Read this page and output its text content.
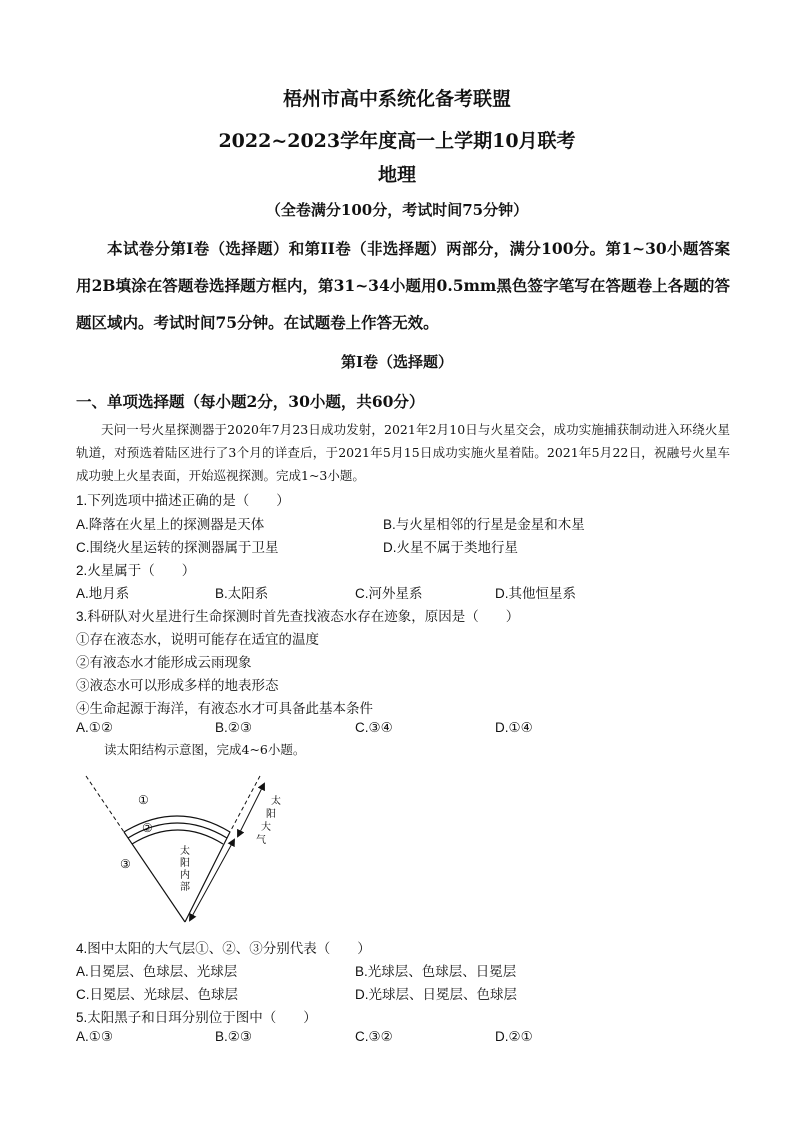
梧州市高中系统化备考联盟
2022~2023学年度高一上学期10月联考
地理
（全卷满分100分，考试时间75分钟）
本试卷分第I卷（选择题）和第II卷（非选择题）两部分，满分100分。第1~30小题答案用2B填涂在答题卷选择题方框内，第31~34小题用0.5mm黑色签字笔写在答题卷上各题的答题区域内。考试时间75分钟。在试题卷上作答无效。
第I卷（选择题）
一、单项选择题（每小题2分，30小题，共60分）
天问一号火星探测器于2020年7月23日成功发射，2021年2月10日与火星交会，成功实施捕获制动进入环绕火星轨道，对预选着陆区进行了3个月的详查后，于2021年5月15日成功实施火星着陆。2021年5月22日，祝融号火星车成功驶上火星表面，开始巡视探测。完成1~3小题。
1.下列选项中描述正确的是（　　）
A.降落在火星上的探测器是天体	B.与火星相邻的行星是金星和木星
C.围绕火星运转的探测器属于卫星	D.火星不属于类地行星
2.火星属于（　　）
A.地月系	B.太阳系	C.河外星系	D.其他恒星系
3.科研队对火星进行生命探测时首先查找液态水存在迹象，原因是（　　）
①存在液态水，说明可能存在适宜的温度
②有液态水才能形成云雨现象
③液态水可以形成多样的地表形态
④生命起源于海洋，有液态水才可具备此基本条件
A.①②	B.②③	C.③④	D.①④
读太阳结构示意图，完成4~6小题。
①
②
③
太阳内部
太阳大气
4.图中太阳的大气层①、②、③分别代表（　　）
A.日冕层、色球层、光球层	B.光球层、色球层、日冕层
C.日冕层、光球层、色球层	D.光球层、日冕层、色球层
5.太阳黑子和日珥分别位于图中（　　）
A.①③	B.②③	C.③②	D.②①
